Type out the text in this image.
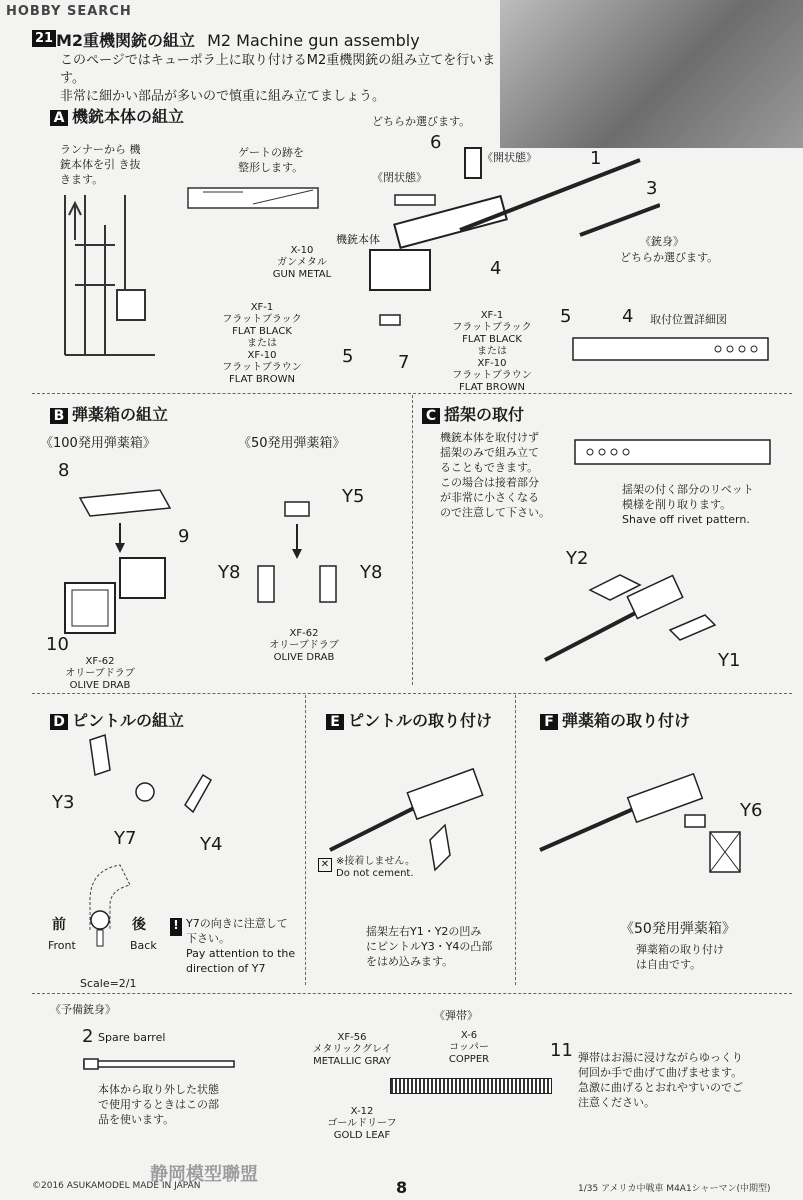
HOBBY SEARCH
21 M2重機関銃の組立 M2 Machine gun assembly
このページではキューポラ上に取り付けるM2重機関銃の組み立てを行います。
非常に細かい部品が多いので慎重に組み立てましょう。
A 機銃本体の組立
ランナーから 機銃本体を引 き抜きます。
ゲートの跡を 整形します。
どちらか選びます。
6
《閉状態》
《開状態》	1
3
《銃身》
どちらか選びます。
機銃本体
X-10
ガンメタル
GUN METAL
XF-1
フラットブラック
FLAT BLACK
または
XF-10
フラットブラウン
FLAT BROWN
XF-1
フラットブラック
FLAT BLACK
または
XF-10
フラットブラウン
FLAT BROWN
4
5 7
5	4 取付位置詳細図
B 弾薬箱の組立
《100発用弾薬箱》	《50発用弾薬箱》
8
9
10
XF-62
オリーブドラブ
OLIVE DRAB
Y5
Y8	Y8
XF-62
オリーブドラブ
OLIVE DRAB
C 揺架の取付
機銃本体を取付けず
揺架のみで組み立て
ることもできます。
この場合は接着部分
が非常に小さくなる
ので注意して下さい。
揺架の付く部分のリベット
模様を削り取ります。
Shave off rivet pattern.
Y2
Y1
D ピントルの組立
Y3
Y7	Y4
前
Front
後
Back
Scale=2/1
! Y7の向きに注意して
下さい。
Pay attention to the
direction of Y7
E ピントルの取り付け
✕ ※接着しません。
Do not cement.
揺架左右Y1・Y2の凹み
にピントルY3・Y4の凸部
をはめ込みます。
F 弾薬箱の取り付け
Y6
《50発用弾薬箱》
弾薬箱の取り付け
は自由です。
《予備銃身》
2 Spare barrel
本体から取り外した状態
で使用するときはこの部
品を使います。
《弾帯》
XF-56
メタリックグレイ
METALLIC GRAY
X-6
コッパー
COPPER	11
X-12
ゴールドリーフ
GOLD LEAF
弾帯はお湯に浸けながらゆっくり
何回か手で曲げて曲げませます。
急激に曲げるとおれやすいのでご
注意ください。
静岡模型聯盟
©2016 ASUKAMODEL MADE IN JAPAN	8	1/35 アメリカ中戦車 M4A1シャーマン(中期型)
